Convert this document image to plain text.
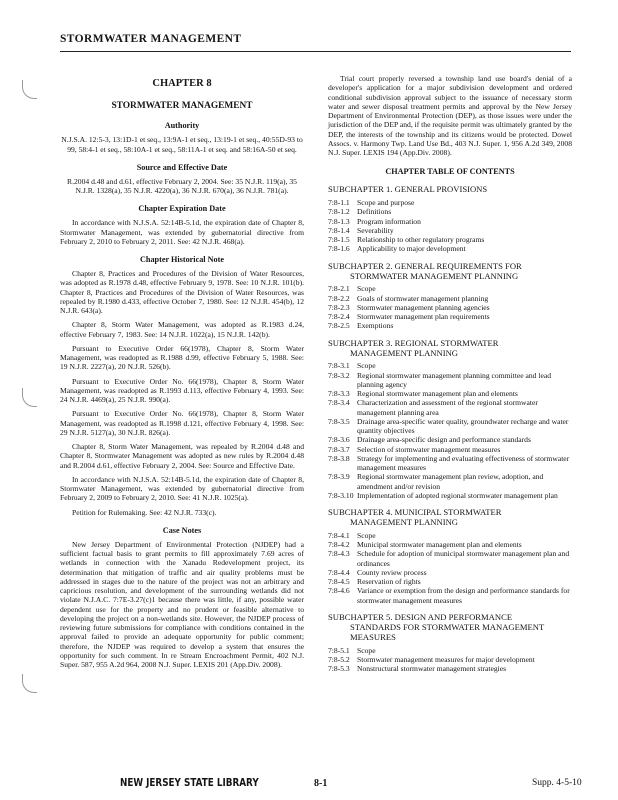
STORMWATER MANAGEMENT
CHAPTER 8
STORMWATER MANAGEMENT
Authority
N.J.S.A. 12:5-3, 13:1D-1 et seq., 13:9A-1 et seq., 13:19-1 et seq., 40:55D-93 to 99, 58:4-1 et seq., 58:10A-1 et seq., 58:11A-1 et seq. and 58:16A-50 et seq.
Source and Effective Date
R.2004 d.48 and d.61, effective February 2, 2004. See: 35 N.J.R. 119(a), 35 N.J.R. 1328(a), 35 N.J.R. 4220(a), 36 N.J.R. 670(a), 36 N.J.R. 781(a).
Chapter Expiration Date

In accordance with N.J.S.A. 52:14B-5.1d, the expiration date of Chapter 8, Stormwater Management, was extended by gubernatorial directive from February 2, 2010 to February 2, 2011. See: 42 N.J.R. 468(a).

Chapter Historical Note

Chapter 8, Practices and Procedures of the Division of Water Resources, was adopted as R.1978 d.48, effective February 9, 1978. See: 10 N.J.R. 101(b). Chapter 8, Practices and Procedures of the Division of Water Resources, was repealed by R.1980 d.433, effective October 7, 1980. See: 12 N.J.R. 454(b), 12 N.J.R. 643(a).

Chapter 8, Storm Water Management, was adopted as R.1983 d.24, effective February 7, 1983. See: 14 N.J.R. 1022(a), 15 N.J.R. 142(b).

Pursuant to Executive Order 66(1978), Chapter 8, Storm Water Management, was readopted as R.1988 d.99, effective February 5, 1988. See: 19 N.J.R. 2227(a), 20 N.J.R. 526(b).

Pursuant to Executive Order No. 66(1978), Chapter 8, Storm Water Management, was readopted as R.1993 d.113, effective February 4, 1993. See: 24 N.J.R. 4469(a), 25 N.J.R. 990(a).

Pursuant to Executive Order No. 66(1978), Chapter 8, Storm Water Management, was readopted as R.1998 d.121, effective February 4, 1998. See: 29 N.J.R. 5127(a), 30 N.J.R. 826(a).

Chapter 8, Storm Water Management, was repealed by R.2004 d.48 and Chapter 8, Stormwater Management was adopted as new rules by R.2004 d.48 and R.2004 d.61, effective February 2, 2004. See: Source and Effective Date.

In accordance with N.J.S.A. 52:14B-5.1d, the expiration date of Chapter 8, Stormwater Management, was extended by gubernatorial directive from February 2, 2009 to February 2, 2010. See: 41 N.J.R. 1025(a).

Petition for Rulemaking. See: 42 N.J.R. 733(c).

Case Notes

New Jersey Department of Environmental Protection (NJDEP) had a sufficient factual basis to grant permits to fill approximately 7.69 acres of wetlands in connection with the Xanadu Redevelopment project, its determination that mitigation of traffic and air quality problems must be addressed in stages due to the nature of the project was not an arbitrary and capricious resolution, and development of the surrounding wetlands did not violate N.J.A.C. 7:7E-3.27(c)1 because there was little, if any, possible water dependent use for the property and no prudent or feasible alternative to developing the project on a non-wetlands site. However, the NJDEP process of reviewing future submissions for compliance with conditions contained in the approval failed to provide an adequate opportunity for public comment; therefore, the NJDEP was required to develop a system that ensures the opportunity for such comment. In re Stream Encroachment Permit, 402 N.J. Super. 587, 955 A.2d 964, 2008 N.J. Super. LEXIS 201 (App.Div. 2008).

Trial court properly reversed a township land use board's denial of a developer's application for a major subdivision development and ordered conditional subdivision approval subject to the issuance of necessary storm water and sewer disposal treatment permits and approval by the New Jersey Department of Environmental Protection (DEP), as those issues were under the jurisdiction of the DEP and, if the requisite permit was ultimately granted by the DEP, the interests of the township and its citizens would be protected. Dowel Assocs. v. Harmony Twp. Land Use Bd., 403 N.J. Super. 1, 956 A.2d 349, 2008 N.J. Super. LEXIS 194 (App.Div. 2008).

CHAPTER TABLE OF CONTENTS
SUBCHAPTER 1. GENERAL PROVISIONS
7:8-1.1 Scope and purpose
7:8-1.2 Definitions
7:8-1.3 Program information
7:8-1.4 Severability
7:8-1.5 Relationship to other regulatory programs
7:8-1.6 Applicability to major development
SUBCHAPTER 2. GENERAL REQUIREMENTS FOR
STORMWATER MANAGEMENT PLANNING
7:8-2.1 Scope
7:8-2.2 Goals of stormwater management planning
7:8-2.3 Stormwater management planning agencies
7:8-2.4 Stormwater management plan requirements
7:8-2.5 Exemptions
SUBCHAPTER 3. REGIONAL STORMWATER
MANAGEMENT PLANNING
7:8-3.1 Scope
7:8-3.2 Regional stormwater management planning committee and lead planning agency
7:8-3.3 Regional stormwater management plan and elements
7:8-3.4 Characterization and assessment of the regional stormwater management planning area
7:8-3.5 Drainage area-specific water quality, groundwater recharge and water quantity objectives
7:8-3.6 Drainage area-specific design and performance standards
7:8-3.7 Selection of stormwater management measures
7:8-3.8 Strategy for implementing and evaluating effectiveness of stormwater management measures
7:8-3.9 Regional stormwater management plan review, adoption, and amendment and/or revision
7:8-3.10 Implementation of adopted regional stormwater management plan
SUBCHAPTER 4. MUNICIPAL STORMWATER
MANAGEMENT PLANNING
7:8-4.1 Scope
7:8-4.2 Municipal stormwater management plan and elements
7:8-4.3 Schedule for adoption of municipal stormwater management plan and ordinances
7:8-4.4 County review process
7:8-4.5 Reservation of rights
7:8-4.6 Variance or exemption from the design and performance standards for stormwater management measures
SUBCHAPTER 5. DESIGN AND PERFORMANCE
STANDARDS FOR STORMWATER MANAGEMENT MEASURES
7:8-5.1 Scope
7:8-5.2 Stormwater management measures for major development
7:8-5.3 Nonstructural stormwater management strategies
NEW JERSEY STATE LIBRARY	8-1	Supp. 4-5-10
